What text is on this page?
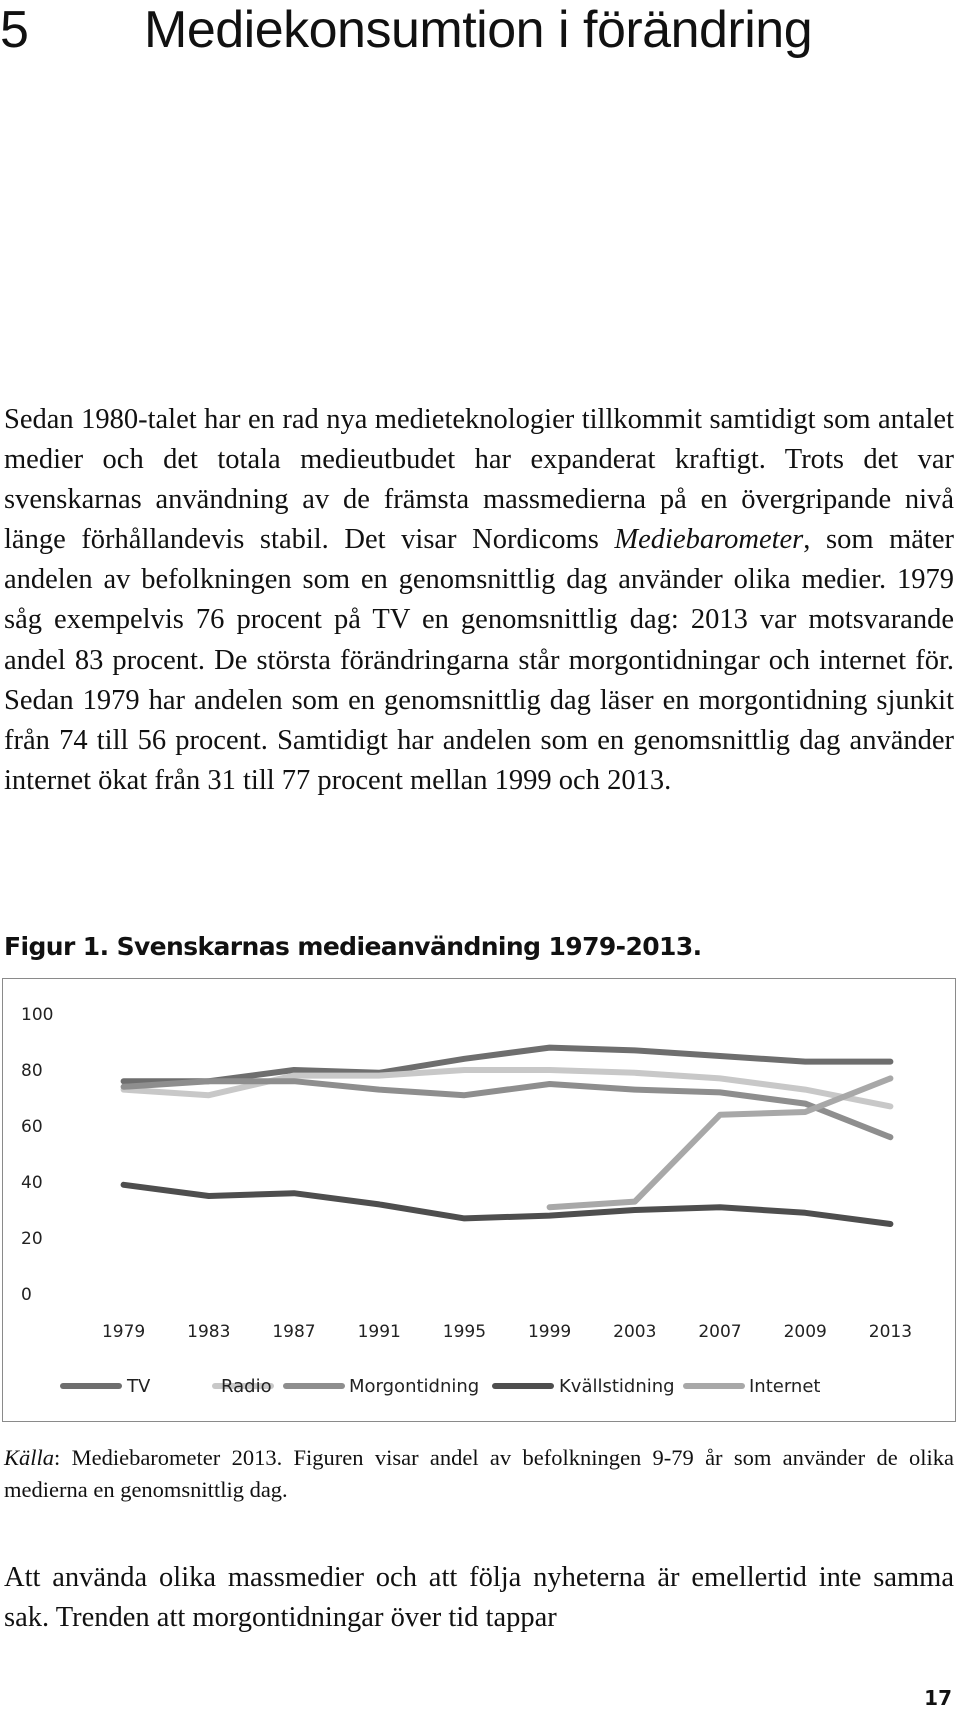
5 Mediekonsumtion i förändring

Sedan 1980-talet har en rad nya medieteknologier tillkommit samtidigt som antalet medier och det totala medieutbudet har expanderat kraftigt. Trots det var svenskarnas användning av de främsta massmedierna på en övergripande nivå länge förhållandevis stabil. Det visar Nordicoms Mediebarometer, som mäter andelen av befolkningen som en genomsnittlig dag använder olika medier. 1979 såg exempelvis 76 procent på TV en genomsnittlig dag: 2013 var motsvarande andel 83 procent. De största förändringarna står morgontidningar och internet för. Sedan 1979 har andelen som en genomsnittlig dag läser en morgontidning sjunkit från 74 till 56 procent. Samtidigt har andelen som en genomsnittlig dag använder internet ökat från 31 till 77 procent mellan 1999 och 2013.

Figur 1. Svenskarnas medieanvändning 1979-2013.
0
20
40
60
80
100
1979 1983 1987 1991 1995 1999 2003 2007 2009 2013
TV	Radio	Morgontidning	Kvällstidning	Internet

Källa: Mediebarometer 2013. Figuren visar andel av befolkningen 9-79 år som använder de olika medierna en genomsnittlig dag.

Att använda olika massmedier och att följa nyheterna är emellertid inte samma sak. Trenden att morgontidningar över tid tappar

17
